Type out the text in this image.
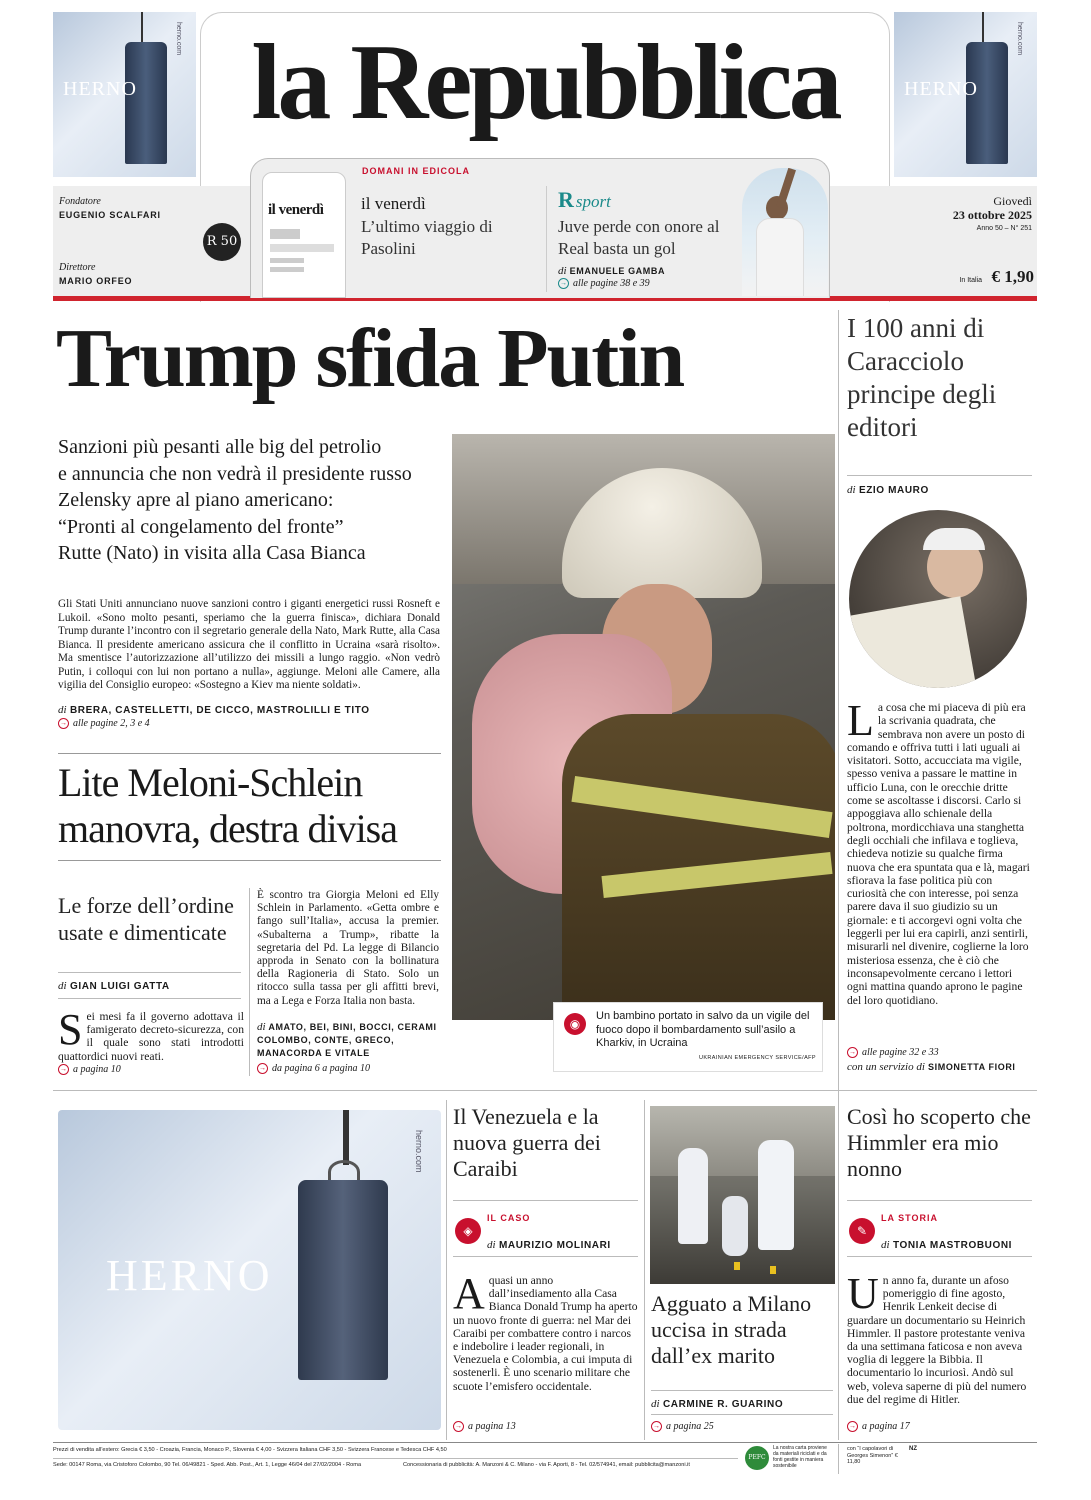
HERNO
herno.com
HERNO
herno.com
la Repubblica
Fondatore
EUGENIO SCALFARI
Direttore
MARIO ORFEO
R 50
il venerdì
DOMANI IN EDICOLA
il venerdì
L’ultimo viaggio di Pasolini
R sport
Juve perde con onore al Real basta un gol
di EMANUELE GAMBA
→ alle pagine 38 e 39
Giovedì
23 ottobre 2025
Anno 50 – N° 251
In Italia € 1,90
Trump sfida Putin
Sanzioni più pesanti alle big del petrolio
e annuncia che non vedrà il presidente russo
Zelensky apre al piano americano:
“Pronti al congelamento del fronte”
Rutte (Nato) in visita alla Casa Bianca
Gli Stati Uniti annunciano nuove sanzioni contro i giganti energetici russi Rosneft e Lukoil. «Sono molto pesanti, speriamo che la guerra finisca», dichiara Donald Trump durante l’incontro con il segretario generale della Nato, Mark Rutte, alla Casa Bianca. Il presidente americano assicura che il conflitto in Ucraina «sarà risolto». Ma smentisce l’autorizzazione all’utilizzo dei missili a lungo raggio. «Non vedrò Putin, i colloqui con lui non portano a nulla», aggiunge. Meloni alle Camere, alla vigilia del Consiglio europeo: «Sostegno a Kiev ma niente soldati».
di BRERA, CASTELLETTI, DE CICCO, MASTROLILLI E TITO
→ alle pagine 2, 3 e 4
◉
Un bambino portato in salvo da un vigile del fuoco dopo il bombardamento sull’asilo a Kharkiv, in Ucraina
UKRAINIAN EMERGENCY SERVICE/AFP
Lite Meloni-Schlein
manovra, destra divisa
Le forze dell’ordine usate e dimenticate
di GIAN LUIGI GATTA
Sei mesi fa il governo adottava il famigerato decreto-sicurezza, con il quale sono stati introdotti quattordici nuovi reati.
→ a pagina 10
È scontro tra Giorgia Meloni ed Elly Schlein in Parlamento. «Getta ombre e fango sull’Italia», accusa la premier. «Subalterna a Trump», ribatte la segretaria del Pd. La legge di Bilancio approda in Senato con la bollinatura della Ragioneria di Stato. Solo un ritocco sulla tassa per gli affitti brevi, ma a Lega e Forza Italia non basta.
di AMATO, BEI, BINI, BOCCI, CERAMI COLOMBO, CONTE, GRECO, MANACORDA E VITALE
→ da pagina 6 a pagina 10
I 100 anni di Caracciolo principe degli editori
di EZIO MAURO
La cosa che mi piaceva di più era la scrivania quadrata, che sembrava non avere un posto di comando e offriva tutti i lati uguali ai visitatori. Sotto, accucciata ma vigile, spesso veniva a passare le mattine in ufficio Luna, con le orecchie dritte come se ascoltasse i discorsi. Carlo si appoggiava allo schienale della poltrona, mordicchiava una stanghetta degli occhiali che infilava e toglieva, chiedeva notizie su qualche firma nuova che era spuntata qua e là, magari sfiorava la fase politica più con curiosità che con interesse, poi senza parere dava il suo giudizio su un giornale: e ti accorgevi ogni volta che leggerli per lui era capirli, anzi sentirli, misurarli nel divenire, coglierne la loro misteriosa essenza, che è ciò che inconsapevolmente cercano i lettori ogni mattina quando aprono le pagine del loro quotidiano.
→ alle pagine 32 e 33
con un servizio di SIMONETTA FIORI
HERNO
herno.com
Il Venezuela e la nuova guerra dei Caraibi
◈
IL CASO
di MAURIZIO MOLINARI
Aquasi un anno dall’insediamento alla Casa Bianca Donald Trump ha aperto un nuovo fronte di guerra: nel Mar dei Caraibi per combattere contro i narcos e indebolire i leader regionali, in Venezuela e Colombia, a cui imputa di sostenerli. È uno scenario militare che scuote l’emisfero occidentale.
→ a pagina 13
Agguato a Milano uccisa in strada dall’ex marito
di CARMINE R. GUARINO
→ a pagina 25
Così ho scoperto che Himmler era mio nonno
✎
LA STORIA
di TONIA MASTROBUONI
Un anno fa, durante un afoso pomeriggio di fine agosto, Henrik Lenkeit decise di guardare un documentario su Heinrich Himmler. Il pastore protestante veniva da una settimana faticosa e non aveva voglia di leggere la Bibbia. Il documentario lo incuriosì. Andò sul web, voleva saperne di più del numero due del regime di Hitler.
→ a pagina 17
Prezzi di vendita all’estero: Grecia € 3,50 - Croazia, Francia, Monaco P., Slovenia € 4,00 - Svizzera Italiana CHF 3,50 - Svizzera Francese e Tedesca CHF 4,50
Sede: 00147 Roma, via Cristoforo Colombo, 90 Tel. 06/49821 - Sped. Abb. Post., Art. 1, Legge 46/04 del 27/02/2004 - Roma	Concessionaria di pubblicità: A. Manzoni & C. Milano - via F. Aporti, 8 - Tel. 02/574941, email: pubblicita@manzoni.it
PEFC
La nostra carta proviene da materiali riciclati e da fonti gestite in maniera sostenibile
con “I capolavori di Georges Simenon” € 11,80
NZ
